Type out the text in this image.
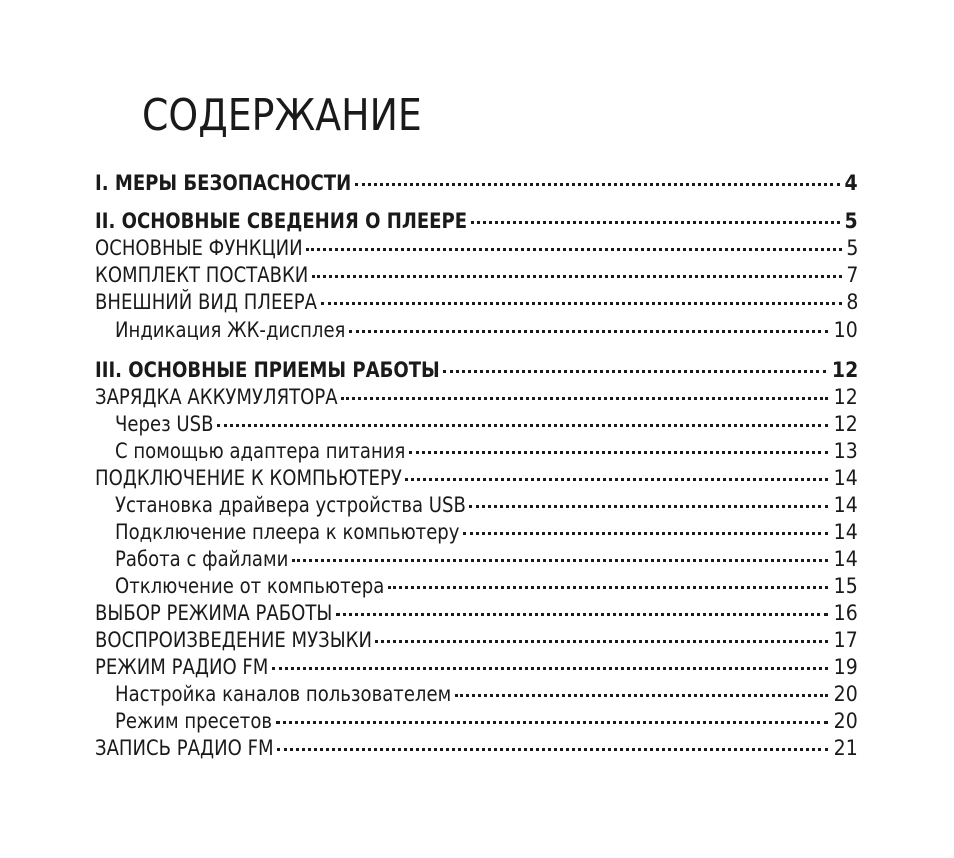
СОДЕРЖАНИЕ
I. МЕРЫ БЕЗОПАСНОСТИ	4
II. ОСНОВНЫЕ СВЕДЕНИЯ О ПЛЕЕРЕ	5
ОСНОВНЫЕ ФУНКЦИИ	5
КОМПЛЕКТ ПОСТАВКИ	7
ВНЕШНИЙ ВИД ПЛЕЕРА	8
Индикация ЖК-дисплея	10
III. ОСНОВНЫЕ ПРИЕМЫ РАБОТЫ	12
ЗАРЯДКА АККУМУЛЯТОРА	12
Через USB	12
С помощью адаптера питания	13
ПОДКЛЮЧЕНИЕ К КОМПЬЮТЕРУ	14
Установка драйвера устройства USB	14
Подключение плеера к компьютеру	14
Работа с файлами	14
Отключение от компьютера	15
ВЫБОР РЕЖИМА РАБОТЫ	16
ВОСПРОИЗВЕДЕНИЕ МУЗЫКИ	17
РЕЖИМ РАДИО FM	19
Настройка каналов пользователем	20
Режим пресетов	20
ЗАПИСЬ РАДИО FM	21
